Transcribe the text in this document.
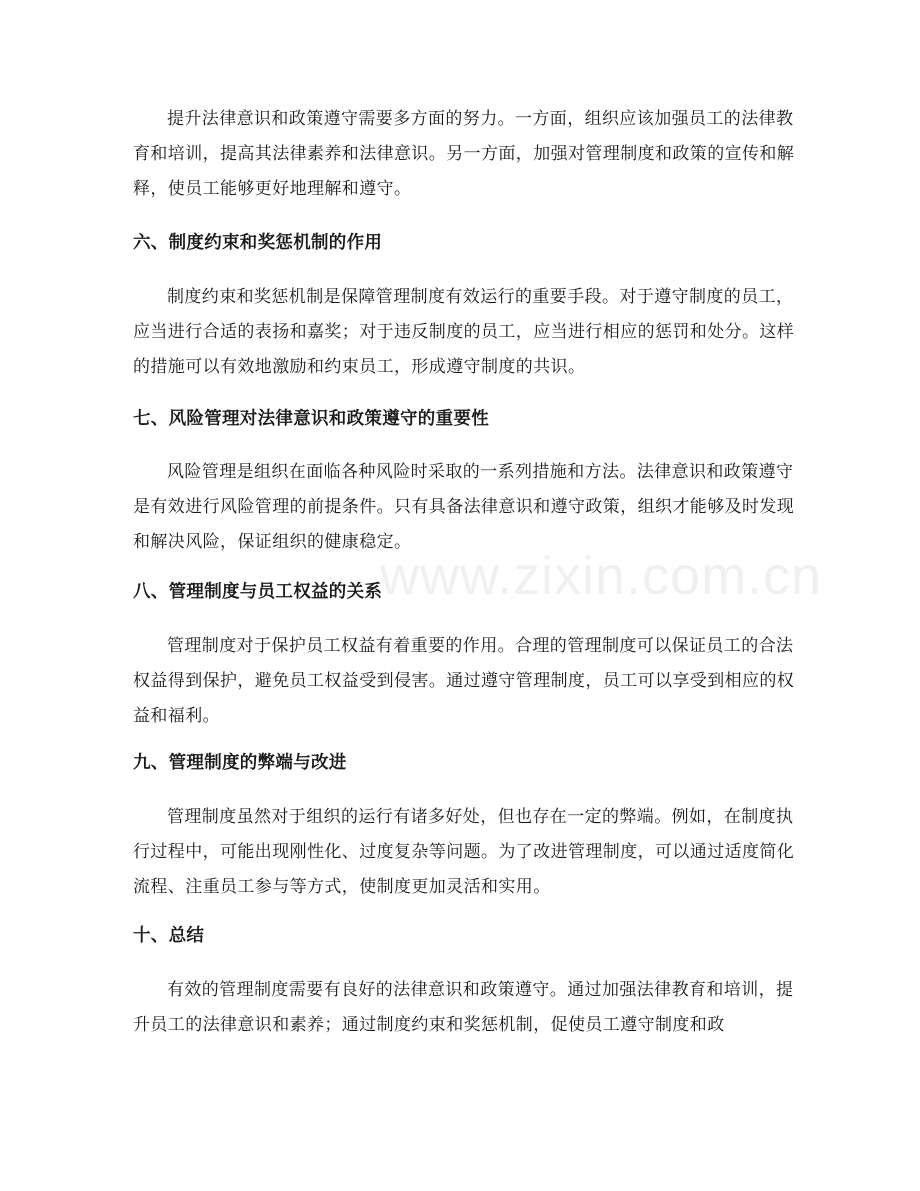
提升法律意识和政策遵守需要多方面的努力。一方面，组织应该加强员工的法律教育和培训，提高其法律素养和法律意识。另一方面，加强对管理制度和政策的宣传和解释，使员工能够更好地理解和遵守。

六、制度约束和奖惩机制的作用

制度约束和奖惩机制是保障管理制度有效运行的重要手段。对于遵守制度的员工，应当进行合适的表扬和嘉奖；对于违反制度的员工，应当进行相应的惩罚和处分。这样的措施可以有效地激励和约束员工，形成遵守制度的共识。

七、风险管理对法律意识和政策遵守的重要性

风险管理是组织在面临各种风险时采取的一系列措施和方法。法律意识和政策遵守是有效进行风险管理的前提条件。只有具备法律意识和遵守政策，组织才能够及时发现和解决风险，保证组织的健康稳定。

八、管理制度与员工权益的关系

管理制度对于保护员工权益有着重要的作用。合理的管理制度可以保证员工的合法权益得到保护，避免员工权益受到侵害。通过遵守管理制度，员工可以享受到相应的权益和福利。

九、管理制度的弊端与改进

管理制度虽然对于组织的运行有诸多好处，但也存在一定的弊端。例如，在制度执行过程中，可能出现刚性化、过度复杂等问题。为了改进管理制度，可以通过适度简化流程、注重员工参与等方式，使制度更加灵活和实用。

十、总结

有效的管理制度需要有良好的法律意识和政策遵守。通过加强法律教育和培训，提升员工的法律意识和素养；通过制度约束和奖惩机制，促使员工遵守制度和政

www.zixin.com.cn
